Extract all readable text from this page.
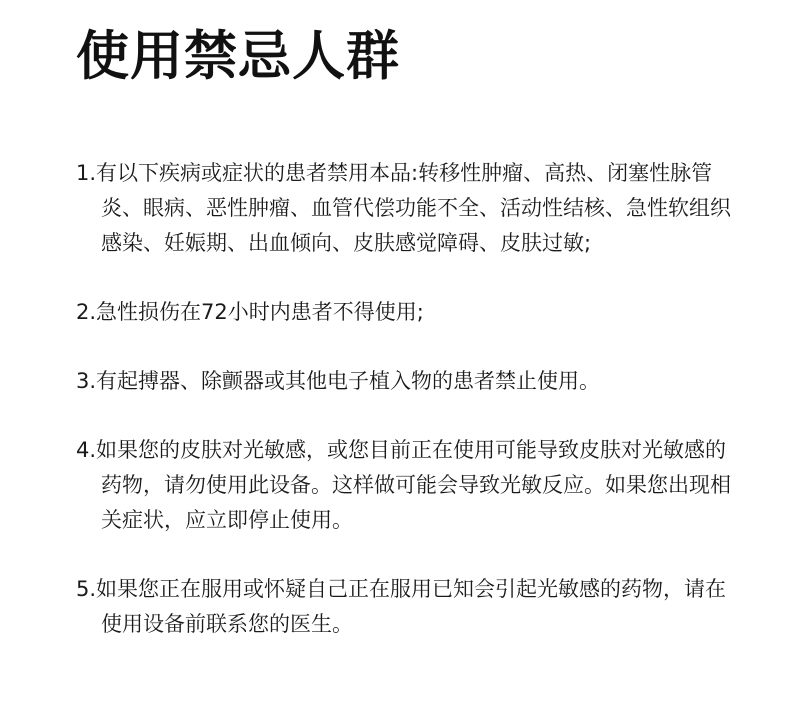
使用禁忌人群

1.有以下疾病或症状的患者禁用本品:转移性肿瘤、高热、闭塞性脉管炎、眼病、恶性肿瘤、血管代偿功能不全、活动性结核、急性软组织感染、妊娠期、出血倾向、皮肤感觉障碍、皮肤过敏;

2.急性损伤在72小时内患者不得使用;

3.有起搏器、除颤器或其他电子植入物的患者禁止使用。

4.如果您的皮肤对光敏感，或您目前正在使用可能导致皮肤对光敏感的药物，请勿使用此设备。这样做可能会导致光敏反应。如果您出现相关症状，应立即停止使用。

5.如果您正在服用或怀疑自己正在服用已知会引起光敏感的药物，请在使用设备前联系您的医生。
